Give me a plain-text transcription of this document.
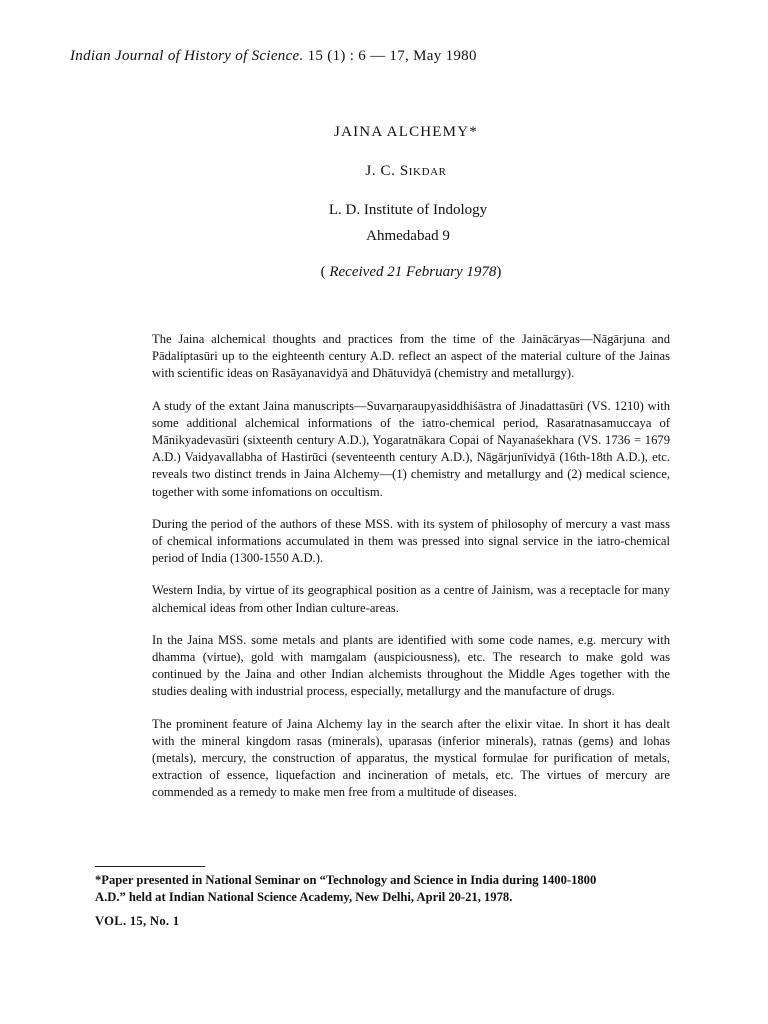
Indian Journal of History of Science. 15 (1) : 6 — 17, May 1980
JAINA ALCHEMY*
J. C. Sikdar
L. D. Institute of Indology
Ahmedabad 9
( Received 21 February 1978)

The Jaina alchemical thoughts and practices from the time of the Jainācāryas—Nāgārjuna and Pādaliptasūri up to the eighteenth century A.D. reflect an aspect of the material culture of the Jainas with scientific ideas on Rasāyanavidyā and Dhātuvidyā (chemistry and metallurgy).

A study of the extant Jaina manuscripts—Suvarṇaraupyasiddhiśāstra of Jinadattasūri (VS. 1210) with some additional alchemical informations of the iatro-chemical period, Rasaratnasamuccaya of Mānikyadevasūri (sixteenth century A.D.), Yogaratnākara Copai of Nayanaśekhara (VS. 1736 = 1679 A.D.) Vaidyavallabha of Hastirūci (seventeenth century A.D.), Nāgārjunīvidyā (16th-18th A.D.), etc. reveals two distinct trends in Jaina Alchemy—(1) chemistry and metallurgy and (2) medical science, together with some infomations on occultism.

During the period of the authors of these MSS. with its system of philosophy of mercury a vast mass of chemical informations accumulated in them was pressed into signal service in the iatro-chemical period of India (1300-1550 A.D.).

Western India, by virtue of its geographical position as a centre of Jainism, was a receptacle for many alchemical ideas from other Indian culture-areas.

In the Jaina MSS. some metals and plants are identified with some code names, e.g. mercury with dhamma (virtue), gold with mamgalam (auspiciousness), etc. The research to make gold was continued by the Jaina and other Indian alchemists throughout the Middle Ages together with the studies dealing with industrial process, especially, metallurgy and the manufacture of drugs.

The prominent feature of Jaina Alchemy lay in the search after the elixir vitae. In short it has dealt with the mineral kingdom rasas (minerals), uparasas (inferior minerals), ratnas (gems) and lohas (metals), mercury, the construction of apparatus, the mystical formulae for purification of metals, extraction of essence, liquefaction and incineration of metals, etc. The virtues of mercury are commended as a remedy to make men free from a multitude of diseases.

*Paper presented in National Seminar on “Technology and Science in India during 1400-1800
A.D.” held at Indian National Science Academy, New Delhi, April 20-21, 1978.
VOL. 15, No. 1
